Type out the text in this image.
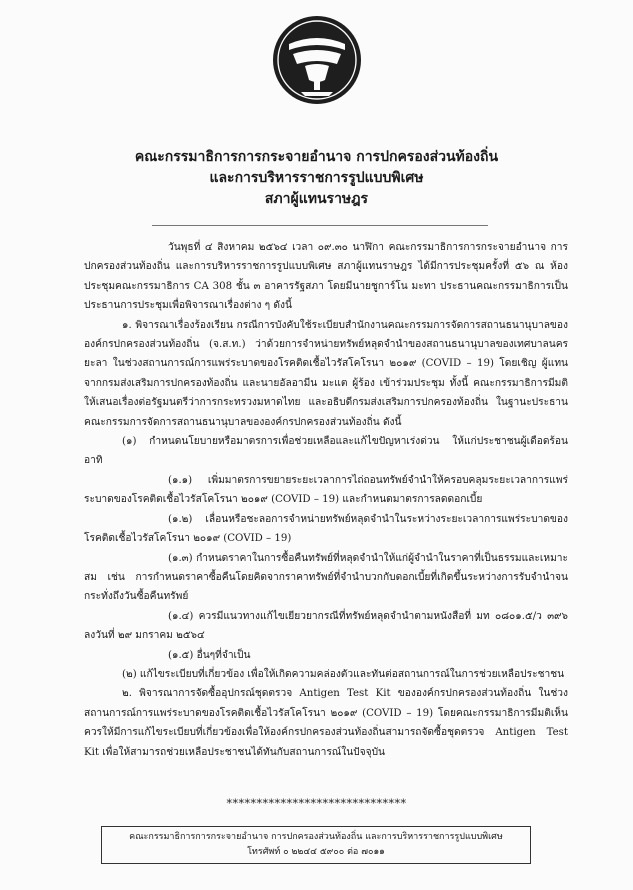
คณะกรรมาธิการการกระจายอำนาจ การปกครองส่วนท้องถิ่น
และการบริหารราชการรูปแบบพิเศษ
สภาผู้แทนราษฎร

วันพุธที่ ๔ สิงหาคม ๒๕๖๔ เวลา ๐๙.๓๐ นาฬิกา คณะกรรมาธิการการกระจายอำนาจ การปกครองส่วนท้องถิ่น และการบริหารราชการรูปแบบพิเศษ สภาผู้แทนราษฎร ได้มีการประชุมครั้งที่ ๕๖ ณ ห้องประชุมคณะกรรมาธิการ CA 308 ชั้น ๓ อาคารรัฐสภา โดยมีนายชูการ์โน มะทา ประธานคณะกรรมาธิการเป็นประธานการประชุมเพื่อพิจารณาเรื่องต่าง ๆ ดังนี้

๑. พิจารณาเรื่องร้องเรียน กรณีการบังคับใช้ระเบียบสำนักงานคณะกรรมการจัดการสถานธนานุบาลขององค์กรปกครองส่วนท้องถิ่น (จ.ส.ท.) ว่าด้วยการจำหน่ายทรัพย์หลุดจำนำของสถานธนานุบาลของเทศบาลนครยะลา ในช่วงสถานการณ์การแพร่ระบาดของโรคติดเชื้อไวรัสโคโรนา ๒๐๑๙ (COVID – 19) โดยเชิญ ผู้แทนจากกรมส่งเสริมการปกครองท้องถิ่น และนายอัลอามีน มะแต ผู้ร้อง เข้าร่วมประชุม ทั้งนี้ คณะกรรมาธิการมีมติให้เสนอเรื่องต่อรัฐมนตรีว่าการกระทรวงมหาดไทย และอธิบดีกรมส่งเสริมการปกครองท้องถิ่น ในฐานะประธานคณะกรรมการจัดการสถานธนานุบาลขององค์กรปกครองส่วนท้องถิ่น ดังนี้

(๑) กำหนดนโยบายหรือมาตรการเพื่อช่วยเหลือและแก้ไขปัญหาเร่งด่วน ให้แก่ประชาชนผู้เดือดร้อน อาทิ

(๑.๑) เพิ่มมาตรการขยายระยะเวลาการไถ่ถอนทรัพย์จำนำให้ครอบคลุมระยะเวลาการแพร่ระบาดของโรคติดเชื้อไวรัสโคโรนา ๒๐๑๙ (COVID – 19) และกำหนดมาตรการลดดอกเบี้ย

(๑.๒) เลื่อนหรือชะลอการจำหน่ายทรัพย์หลุดจำนำในระหว่างระยะเวลาการแพร่ระบาดของโรคติดเชื้อไวรัสโคโรนา ๒๐๑๙ (COVID – 19)

(๑.๓) กำหนดราคาในการซื้อคืนทรัพย์ที่หลุดจำนำให้แก่ผู้จำนำในราคาที่เป็นธรรมและเหมาะสม เช่น การกำหนดราคาซื้อคืนโดยคิดจากราคาทรัพย์ที่จำนำบวกกับดอกเบี้ยที่เกิดขึ้นระหว่างการรับจำนำจนกระทั่งถึงวันซื้อคืนทรัพย์

(๑.๔) ควรมีแนวทางแก้ไขเยียวยากรณีที่ทรัพย์หลุดจำนำตามหนังสือที่ มท ๐๘๐๑.๕/ว ๓๙๖ ลงวันที่ ๒๙ มกราคม ๒๕๖๔

(๑.๕) อื่นๆที่จำเป็น

(๒) แก้ไขระเบียบที่เกี่ยวข้อง เพื่อให้เกิดความคล่องตัวและทันต่อสถานการณ์ในการช่วยเหลือประชาชน

๒. พิจารณาการจัดซื้ออุปกรณ์ชุดตรวจ Antigen Test Kit ขององค์กรปกครองส่วนท้องถิ่น ในช่วงสถานการณ์การแพร่ระบาดของโรคติดเชื้อไวรัสโคโรนา ๒๐๑๙ (COVID – 19) โดยคณะกรรมาธิการมีมติเห็นควรให้มีการแก้ไขระเบียบที่เกี่ยวข้องเพื่อให้องค์กรปกครองส่วนท้องถิ่นสามารถจัดซื้อชุดตรวจ Antigen Test Kit เพื่อให้สามารถช่วยเหลือประชาชนได้ทันกับสถานการณ์ในปัจจุบัน

******************************
คณะกรรมาธิการการกระจายอำนาจ การปกครองส่วนท้องถิ่น และการบริหารราชการรูปแบบพิเศษ
โทรศัพท์ ๐ ๒๒๔๔ ๕๙๐๐ ต่อ ๗๐๑๑
